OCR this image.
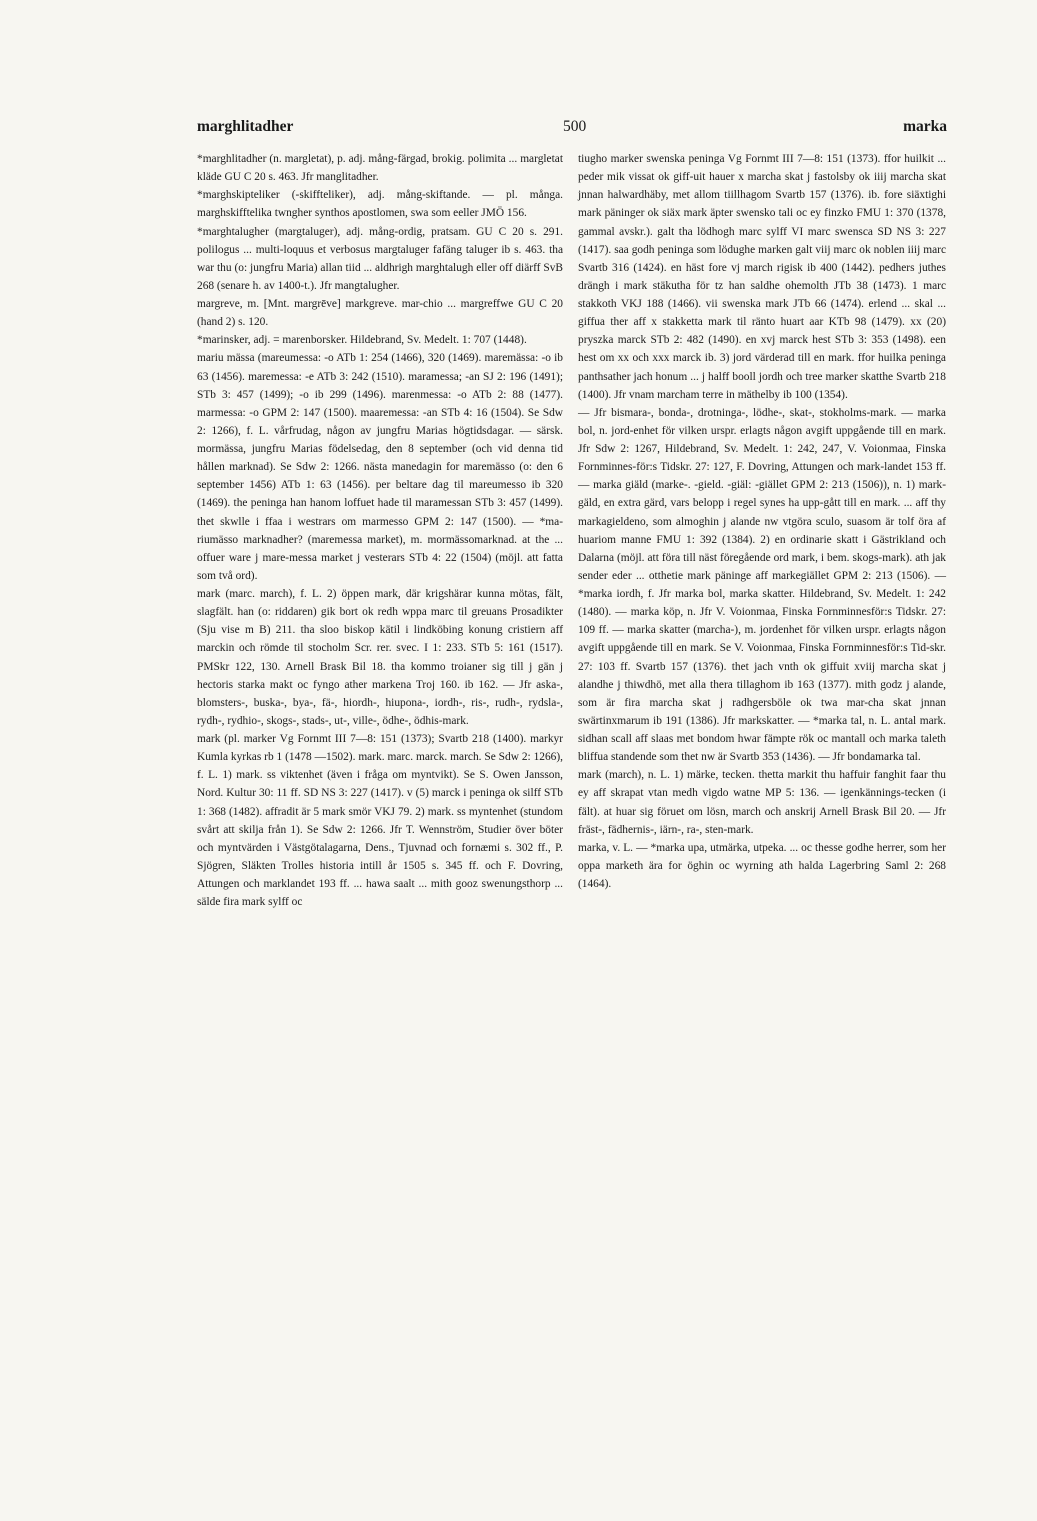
marghlitadher	500	marka

*marghlitadher (n. margletat), p. adj. mång-färgad, brokig. polimita ... margletat kläde GU C 20 s. 463. Jfr manglitadher.

*marghskipteliker (-skiffteliker), adj. mång-skiftande. — pl. många. marghskifftelika twngher synthos apostlomen, swa som eeller JMÖ 156.

*marghtalugher (margtaluger), adj. mång-ordig, pratsam. GU C 20 s. 291. polilogus ... multi-loquus et verbosus margtaluger fafäng taluger ib s. 463. tha war thu (o: jungfru Maria) allan tiid ... aldhrigh marghtalugh eller off diärff SvB 268 (senare h. av 1400-t.). Jfr mangtalugher.

margreve, m. [Mnt. margrēve] markgreve. mar-chio ... margreffwe GU C 20 (hand 2) s. 120.

*marinsker, adj. = marenborsker. Hildebrand, Sv. Medelt. 1: 707 (1448).

mariu mässa (mareumessa: -o ATb 1: 254 (1466), 320 (1469). maremässa: -o ib 63 (1456). maremessa: -e ATb 3: 242 (1510). maramessa; -an SJ 2: 196 (1491); STb 3: 457 (1499); -o ib 299 (1496). marenmessa: -o ATb 2: 88 (1477). marmessa: -o GPM 2: 147 (1500). maaremessa: -an STb 4: 16 (1504). Se Sdw 2: 1266), f. L. vårfrudag, någon av jungfru Marias högtidsdagar. — särsk. mormässa, jungfru Marias födelsedag, den 8 september (och vid denna tid hållen marknad). Se Sdw 2: 1266. nästa manedagin for maremässo (o: den 6 september 1456) ATb 1: 63 (1456). per beltare dag til mareumesso ib 320 (1469). the peninga han hanom loffuet hade til maramessan STb 3: 457 (1499). thet skwlle i ffaa i westrars om marmesso GPM 2: 147 (1500). — *ma-riumässo marknadher? (maremessa market), m. mormässomarknad. at the ... offuer ware j mare-messa market j vesterars STb 4: 22 (1504) (möjl. att fatta som två ord).

mark (marc. march), f. L. 2) öppen mark, där krigshärar kunna mötas, fält, slagfält. han (o: riddaren) gik bort ok redh wppa marc til greuans Prosadikter (Sju vise m B) 211. tha sloo biskop kätil i lindköbing konung cristiern aff marckin och römde til stocholm Scr. rer. svec. I 1: 233. STb 5: 161 (1517). PMSkr 122, 130. Arnell Brask Bil 18. tha kommo troianer sig till j gän j hectoris starka makt oc fyngo ather markena Troj 160. ib 162. — Jfr aska-, blomsters-, buska-, bya-, fä-, hiordh-, hiupona-, iordh-, ris-, rudh-, rydsla-, rydh-, rydhio-, skogs-, stads-, ut-, ville-, ödhe-, ödhis-mark.

mark (pl. marker Vg Fornmt III 7—8: 151 (1373); Svartb 218 (1400). markyr Kumla kyrkas rb 1 (1478 —1502). mark. marc. marck. march. Se Sdw 2: 1266), f. L. 1) mark. ss viktenhet (även i fråga om myntvikt). Se S. Owen Jansson, Nord. Kultur 30: 11 ff. SD NS 3: 227 (1417). v (5) marck i peninga ok silff STb 1: 368 (1482). affradit är 5 mark smör VKJ 79. 2) mark. ss myntenhet (stundom svårt att skilja från 1). Se Sdw 2: 1266. Jfr T. Wennström, Studier över böter och myntvärden i Västgötalagarna, Dens., Tjuvnad och fornæmi s. 302 ff., P. Sjögren, Släkten Trolles historia intill år 1505 s. 345 ff. och F. Dovring, Attungen och marklandet 193 ff. ... hawa saalt ... mith gooz swenungsthorp ... sälde fira mark sylff oc

tiugho marker swenska peninga Vg Fornmt III 7—8: 151 (1373). ffor huilkit ... peder mik vissat ok giff-uit hauer x marcha skat j fastolsby ok iiij marcha skat jnnan halwardhäby, met allom tiillhagom Svartb 157 (1376). ib. fore siäxtighi mark päninger ok siäx mark äpter swensko tali oc ey finzko FMU 1: 370 (1378, gammal avskr.). galt tha lödhogh marc sylff VI marc swensca SD NS 3: 227 (1417). saa godh peninga som lödughe marken galt viij marc ok noblen iiij marc Svartb 316 (1424). en häst fore vj march rigisk ib 400 (1442). pedhers juthes drängh i mark stäkutha för tz han saldhe ohemolth JTb 38 (1473). 1 marc stakkoth VKJ 188 (1466). vii swenska mark JTb 66 (1474). erlend ... skal ... giffua ther aff x stakketta mark til ränto huart aar KTb 98 (1479). xx (20) pryszka marck STb 2: 482 (1490). en xvj marck hest STb 3: 353 (1498). een hest om xx och xxx marck ib. 3) jord värderad till en mark. ffor huilka peninga panthsather jach honum ... j halff booll jordh och tree marker skatthe Svartb 218 (1400). Jfr vnam marcham terre in mäthelby ib 100 (1354).

— Jfr bismara-, bonda-, drotninga-, lödhe-, skat-, stokholms-mark. — marka bol, n. jord-enhet för vilken urspr. erlagts någon avgift uppgående till en mark. Jfr Sdw 2: 1267, Hildebrand, Sv. Medelt. 1: 242, 247, V. Voionmaa, Finska Fornminnes-för:s Tidskr. 27: 127, F. Dovring, Attungen och mark-landet 153 ff. — marka giäld (marke-. -gield. -giäl: -giället GPM 2: 213 (1506)), n. 1) mark-gäld, en extra gärd, vars belopp i regel synes ha upp-gått till en mark. ... aff thy markagieldeno, som almoghin j alande nw vtgöra sculo, suasom är tolf öra af huariom manne FMU 1: 392 (1384). 2) en ordinarie skatt i Gästrikland och Dalarna (möjl. att föra till näst föregående ord mark, i bem. skogs-mark). ath jak sender eder ... otthetie mark päninge aff markegiället GPM 2: 213 (1506). — *marka iordh, f. Jfr marka bol, marka skatter. Hildebrand, Sv. Medelt. 1: 242 (1480). — marka köp, n. Jfr V. Voionmaa, Finska Fornminnesför:s Tidskr. 27: 109 ff. — marka skatter (marcha-), m. jordenhet för vilken urspr. erlagts någon avgift uppgående till en mark. Se V. Voionmaa, Finska Fornminnesför:s Tid-skr. 27: 103 ff. Svartb 157 (1376). thet jach vnth ok giffuit xviij marcha skat j alandhe j thiwdhö, met alla thera tillaghom ib 163 (1377). mith godz j alande, som är fira marcha skat j radhgersböle ok twa mar-cha skat jnnan swärtinxmarum ib 191 (1386). Jfr markskatter. — *marka tal, n. L. antal mark. sidhan scall aff slaas met bondom hwar fämpte rök oc mantall och marka taleth bliffua standende som thet nw är Svartb 353 (1436). — Jfr bondamarka tal.

mark (march), n. L. 1) märke, tecken. thetta markit thu haffuir fanghit faar thu ey aff skrapat vtan medh vigdo watne MP 5: 136. — igenkännings-tecken (i fält). at huar sig föruet om lösn, march och anskrij Arnell Brask Bil 20. — Jfr fräst-, fädhernis-, iärn-, ra-, sten-mark.

marka, v. L. — *marka upa, utmärka, utpeka. ... oc thesse godhe herrer, som her oppa marketh ära for öghin oc wyrning ath halda Lagerbring Saml 2: 268 (1464).
